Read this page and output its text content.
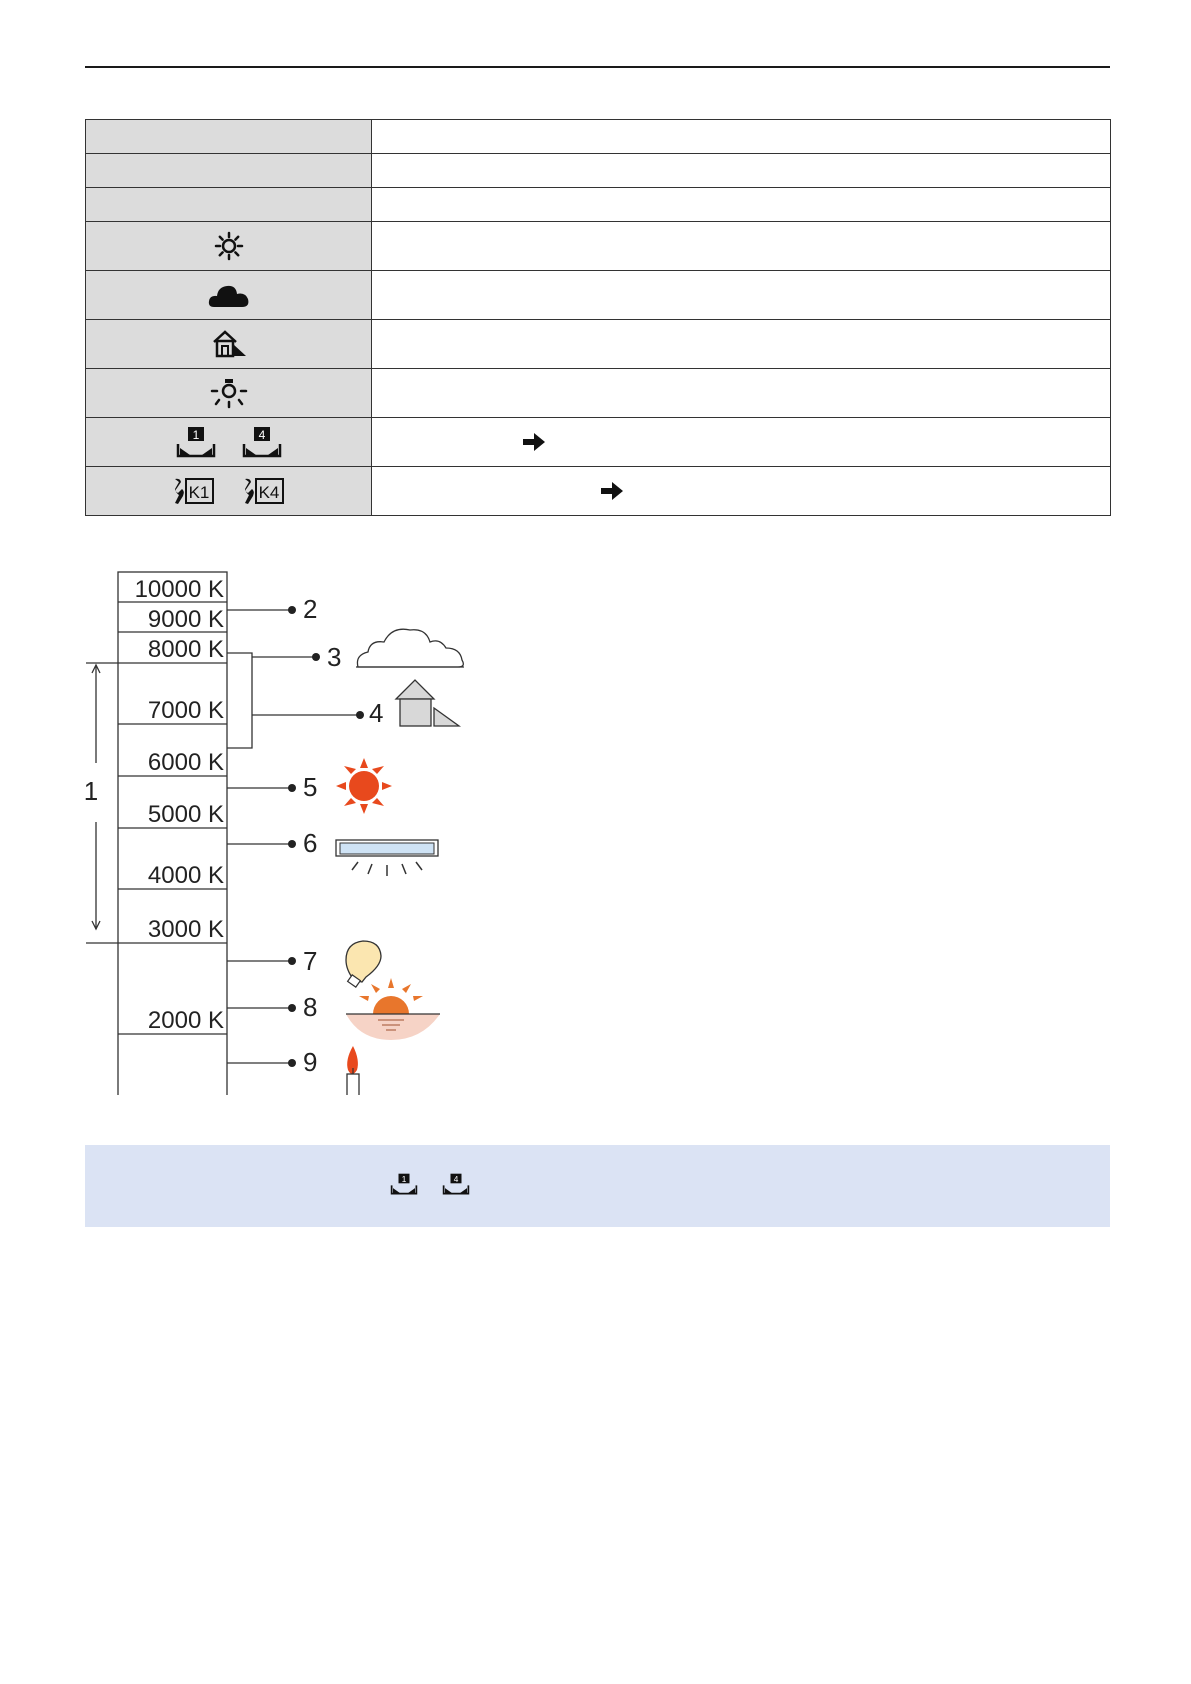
1 4

K1 K4

10000 K
9000 K
8000 K
7000 K
6000 K
5000 K
4000 K
3000 K
2000 K
1
2
3
4
5
6
7
8
9
1	4
